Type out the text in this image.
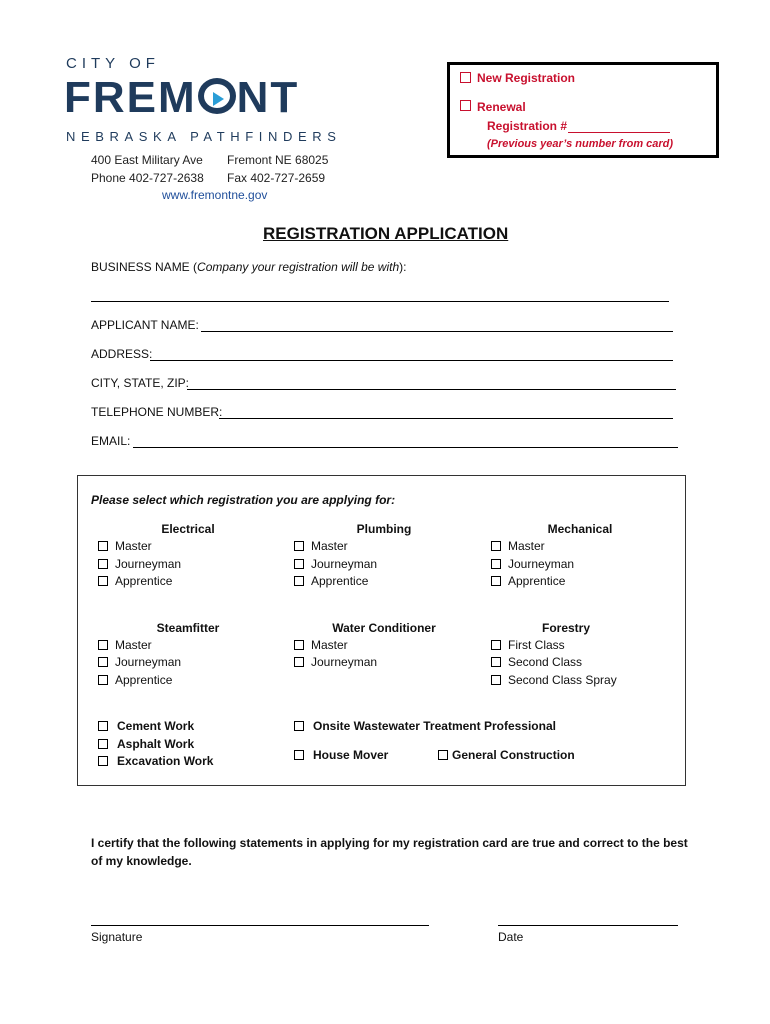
CITY OF
FREM NT
NEBRASKA PATHFINDERS
400 East Military Ave Fremont NE 68025
Phone 402-727-2638 Fax 402-727-2659
www.fremontne.gov
New Registration
Renewal
Registration #
(Previous year’s number from card)
REGISTRATION APPLICATION
BUSINESS NAME (Company your registration will be with):
APPLICANT NAME:
ADDRESS:
CITY, STATE, ZIP:
TELEPHONE NUMBER:
EMAIL:
Please select which registration you are applying for:
Electrical
Master
Journeyman
Apprentice
Plumbing
Master
Journeyman
Apprentice
Mechanical
Master
Journeyman
Apprentice
Steamfitter
Master
Journeyman
Apprentice
Water Conditioner
Master
Journeyman
Forestry
First Class
Second Class
Second Class Spray
Cement Work
Asphalt Work
Excavation Work
Onsite Wastewater Treatment Professional
House Mover	General Construction
I certify that the following statements in applying for my registration card are true and correct to the best of my knowledge.
Signature	Date
